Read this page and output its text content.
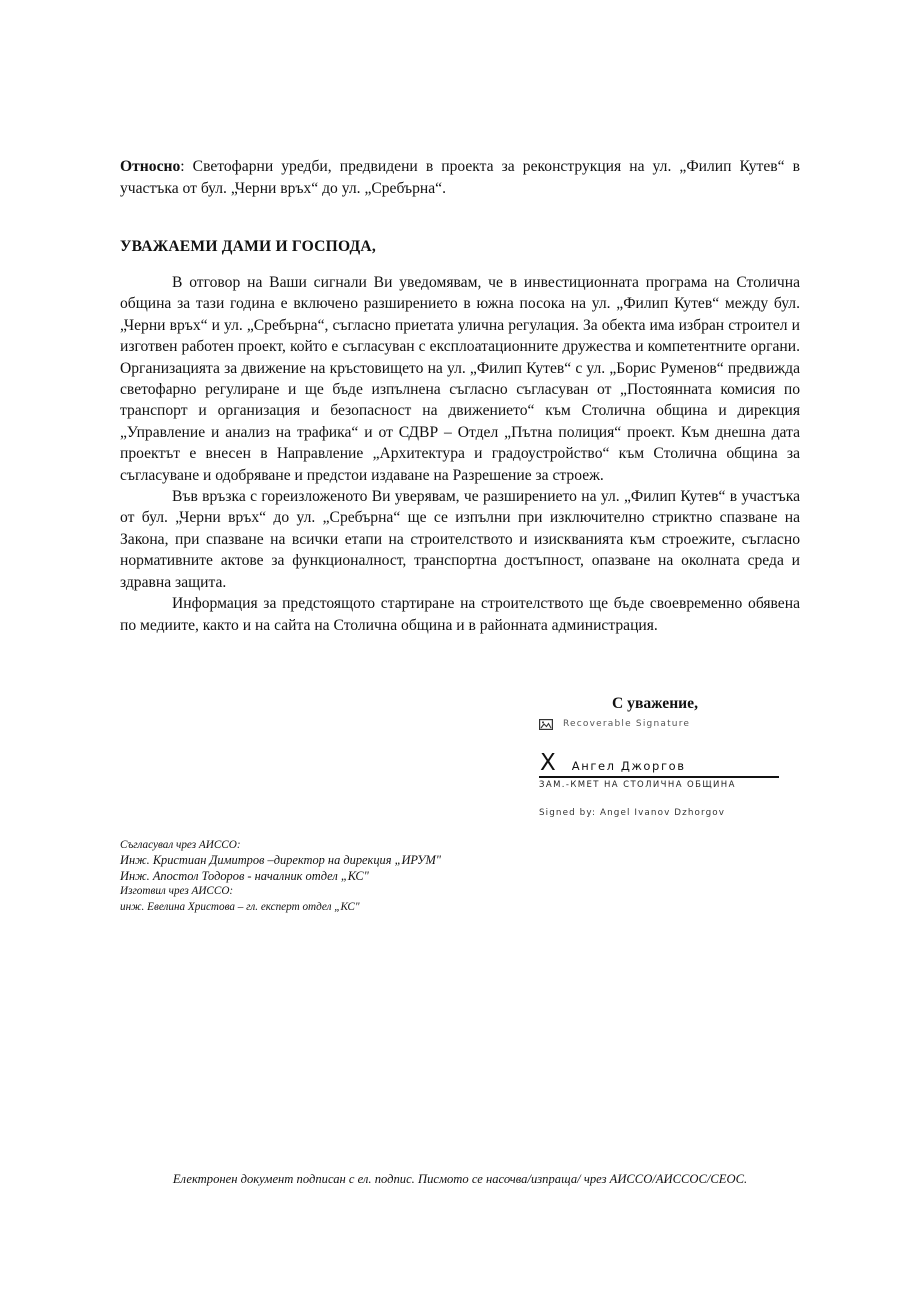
Относно: Светофарни уредби, предвидени в проекта за реконструкция на ул. „Филип Кутев“ в участъка от бул. „Черни връх“ до ул. „Сребърна“.
УВАЖАЕМИ ДАМИ И ГОСПОДА,

В отговор на Ваши сигнали Ви уведомявам, че в инвестиционната програма на Столична община за тази година е включено разширението в южна посока на ул. „Филип Кутев“ между бул. „Черни връх“ и ул. „Сребърна“, съгласно приетата улична регулация. За обекта има избран строител и изготвен работен проект, който е съгласуван с експлоатационните дружества и компетентните органи. Организацията за движение на кръстовището на ул. „Филип Кутев“ с ул. „Борис Руменов“ предвижда светофарно регулиране и ще бъде изпълнена съгласно съгласуван от „Постоянната комисия по транспорт и организация и безопасност на движението“ към Столична община и дирекция „Управление и анализ на трафика“ и от СДВР – Отдел „Пътна полиция“ проект. Към днешна дата проектът е внесен в Направление „Архитектура и градоустройство“ към Столична община за съгласуване и одобряване и предстои издаване на Разрешение за строеж.

Във връзка с гореизложеното Ви уверявам, че разширението на ул. „Филип Кутев“ в участъка от бул. „Черни връх“ до ул. „Сребърна“ ще се изпълни при изключително стриктно спазване на Закона, при спазване на всички етапи на строителството и изискванията към строежите, съгласно нормативните актове за функционалност, транспортна достъпност, опазване на околната среда и здравна защита.

Информация за предстоящото стартиране на строителството ще бъде своевременно обявена по медиите, както и на сайта на Столична община и в районната администрация.

С уважение,
Recoverable Signature
X Ангел Джоргов
ЗАМ.-КМЕТ НА СТОЛИЧНА ОБЩИНА
Signed by: Angel Ivanov Dzhorgov
Съгласувал чрез АИССО:
Инж. Кристиан Димитров –директор на дирекция „ИРУМ"
Инж. Апостол Тодоров - началник отдел „КС"
Изготвил чрез АИССО:
инж. Евелина Христова – гл. експерт отдел „КС"
Електронен документ подписан с ел. подпис. Писмото се насочва/изпраща/ чрез АИССО/АИССОС/СЕОС.
